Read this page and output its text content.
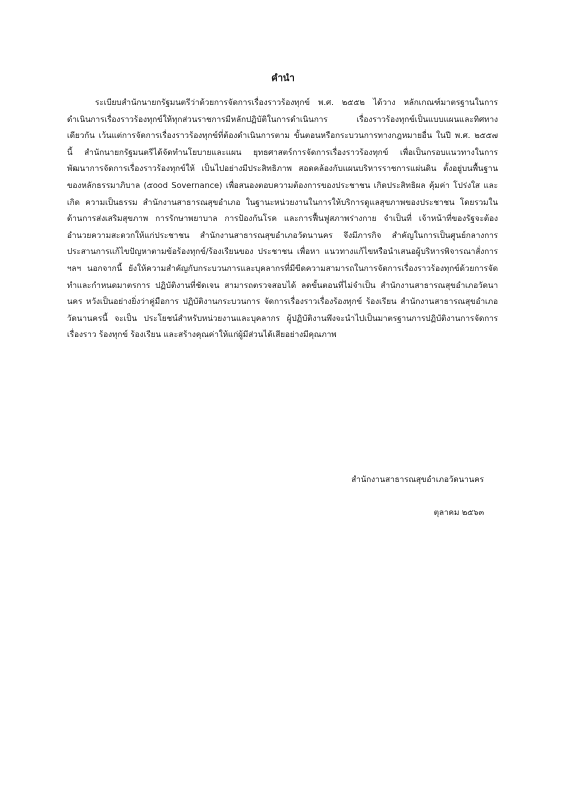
คำนำ
ระเบียบสำนักนายกรัฐมนตรีว่าด้วยการจัดการเรื่องราวร้องทุกข์ พ.ศ. ๒๕๕๒ ได้วาง หลักเกณฑ์มาตรฐานในการดำเนินการเรื่องราวร้องทุกข์ให้ทุกส่วนราชการมีหลักปฏิบัติในการดำเนินการ เรื่องราวร้องทุกข์เป็นแบบแผนและทิศทางเดียวกัน เว้นแต่การจัดการเรื่องราวร้องทุกข์ที่ต้องดำเนินการตาม ขั้นตอนหรือกระบวนการทางกฎหมายอื่น ในปี พ.ศ. ๒๕๕๗ นี้ สำนักนายกรัฐมนตรีได้จัดทำนโยบายและแผน ยุทธศาสตร์การจัดการเรื่องราวร้องทุกข์ เพื่อเป็นกรอบแนวทางในการพัฒนาการจัดการเรื่องราวร้องทุกข์ให้ เป็นไปอย่างมีประสิทธิภาพ สอดคล้องกับแผนบริหารราชการแผ่นดิน ตั้งอยู่บนพื้นฐานของหลักธรรมาภิบาล (๕ood Sovernance) เพื่อสนองตอบความต้องการของประชาชน เกิดประสิทธิผล คุ้มค่า โปร่งใส และเกิด ความเป็นธรรม สำนักงานสาธารณสุขอำเภอ ในฐานะหน่วยงานในการให้บริการดูแลสุขภาพของประชาชน โดยรวมในด้านการส่งเสริมสุขภาพ การรักษาพยาบาล การป้องกันโรค และการฟื้นฟูสภาพร่างกาย จำเป็นที่ เจ้าหน้าที่ของรัฐจะต้องอำนวยความสะดวกให้แก่ประชาชน สำนักงานสาธารณสุขอำเภอวัดนานคร จึงมีภารกิจ สำคัญในการเป็นศูนย์กลางการประสานการแก้ไขปัญหาตามข้อร้องทุกข์/ร้องเรียนของ ประชาชน เพื่อหา แนวทางแก้ไขหรือนำเสนอผู้บริหารพิจารณาสั่งการ ฯลฯ นอกจากนี้ ยังให้ความสำคัญกับกระบวนการและบุคลากรที่มีขีดความสามารถในการจัดการเรื่องราวร้องทุกข์ด้วยการจัดทำและกำหนดมาตรการ ปฏิบัติงานที่ชัดเจน สามารถตรวจสอบได้ ลดขั้นตอนที่ไม่จำเป็น สำนักงานสาธารณสุขอำเภอวัดนานคร หวังเป็นอย่างยิ่งว่าคู่มือการ ปฏิบัติงานกระบวนการ จัดการเรื่องราวเรื่องร้องทุกข์ ร้องเรียน สำนักงานสาธารณสุขอำเภอวัดนานครนี้ จะเป็น ประโยชน์สำหรับหน่วยงานและบุคลากร ผู้ปฏิบัติงานพึงจะนำไปเป็นมาตรฐานการปฏิบัติงานการจัดการเรื่องราว ร้องทุกข์ ร้องเรียน และสร้างคุณค่าให้แก่ผู้มีส่วนได้เสียอย่างมีคุณภาพ
สำนักงานสาธารณสุขอำเภอวัดนานคร
ตุลาคม ๒๕๖๓
